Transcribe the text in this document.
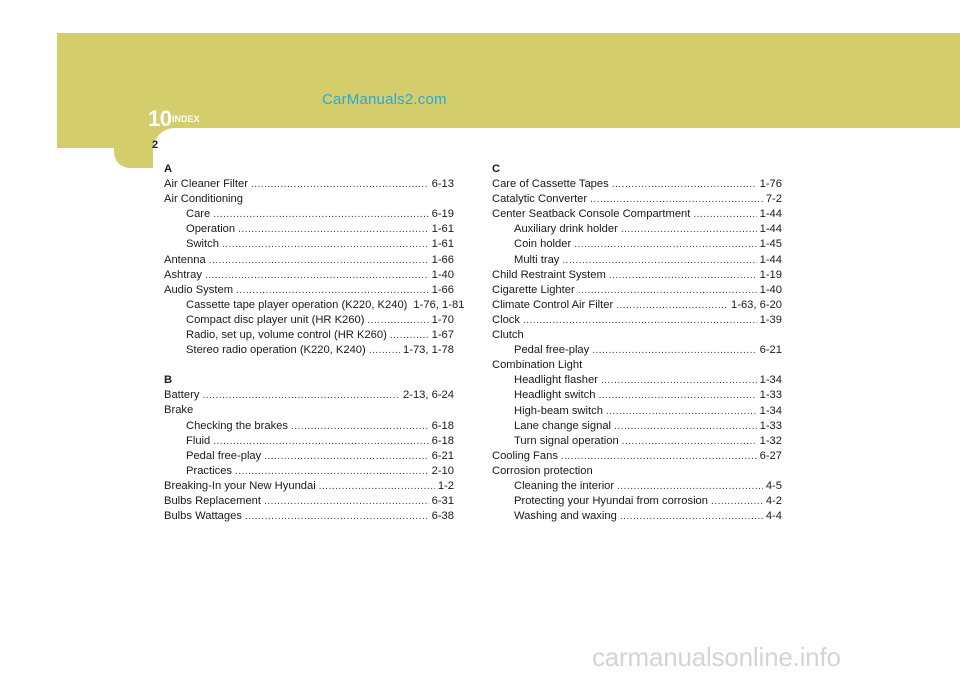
10 INDEX
2
CarManuals2.com
carmanualsonline.info
A
Air Cleaner Filter .....	6-13
Air Conditioning
Care .....	6-19
Operation .....	1-61
Switch .....	1-61
Antenna .....	1-66
Ashtray .....	1-40
Audio System .....	1-66
Cassette tape player operation (K220, K240) 1-76, 1-81
Compact disc player unit (HR K260) .....	1-70
Radio, set up, volume control (HR K260) .....	1-67
Stereo radio operation (K220, K240) .....	1-73, 1-78
B
Battery .....	2-13, 6-24
Brake
Checking the brakes .....	6-18
Fluid .....	6-18
Pedal free-play .....	6-21
Practices .....	2-10
Breaking-In your New Hyundai .....	1-2
Bulbs Replacement .....	6-31
Bulbs Wattages .....	6-38
C
Care of Cassette Tapes .....	1-76
Catalytic Converter .....	7-2
Center Seatback Console Compartment .....	1-44
Auxiliary drink holder .....	1-44
Coin holder .....	1-45
Multi tray .....	1-44
Child Restraint System .....	1-19
Cigarette Lighter .....	1-40
Climate Control Air Filter .....	1-63, 6-20
Clock .....	1-39
Clutch
Pedal free-play .....	6-21
Combination Light
Headlight flasher .....	1-34
Headlight switch .....	1-33
High-beam switch .....	1-34
Lane change signal .....	1-33
Turn signal operation .....	1-32
Cooling Fans .....	6-27
Corrosion protection
Cleaning the interior .....	4-5
Protecting your Hyundai from corrosion .....	4-2
Washing and waxing .....	4-4
